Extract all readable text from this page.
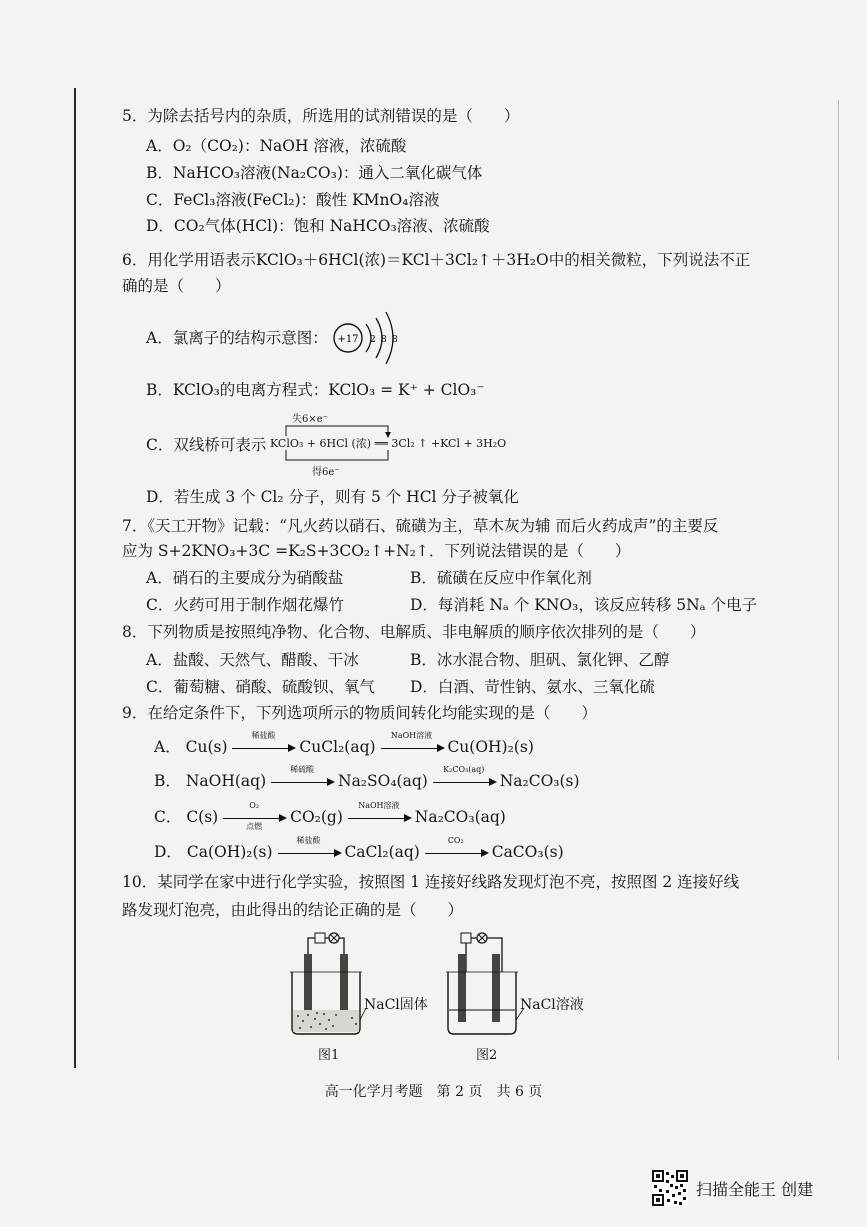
5．为除去括号内的杂质，所选用的试剂错误的是（　　）
A．O₂（CO₂)：NaOH 溶液，浓硫酸
B．NaHCO₃溶液(Na₂CO₃)：通入二氧化碳气体
C．FeCl₃溶液(FeCl₂)：酸性 KMnO₄溶液
D．CO₂气体(HCl)：饱和 NaHCO₃溶液、浓硫酸
6．用化学用语表示KClO₃＋6HCl(浓)＝KCl＋3Cl₂↑＋3H₂O中的相关微粒，下列说法不正
确的是（　　）
A．氯离子的结构示意图： +17 2 8 8
B．KClO₃的电离方程式：KClO₃ = K⁺ + ClO₃⁻
C．双线桥可表示
失6×e⁻
KClO₃ + 6HCl (浓) ══ 3Cl₂ ↑ +KCl + 3H₂O
得6e⁻
D．若生成 3 个 Cl₂ 分子，则有 5 个 HCl 分子被氧化
7．《天工开物》记载：“凡火药以硝石、硫磺为主，草木灰为辅 而后火药成声”的主要反
应为 S+2KNO₃+3C =K₂S+3CO₂↑+N₂↑．下列说法错误的是（　　）
A．硝石的主要成分为硝酸盐	B．硫磺在反应中作氧化剂
C．火药可用于制作烟花爆竹	D．每消耗 Nₐ 个 KNO₃，该反应转移 5Nₐ 个电子
8．下列物质是按照纯净物、化合物、电解质、非电解质的顺序依次排列的是（　　）
A．盐酸、天然气、醋酸、干冰	B．冰水混合物、胆矾、氯化钾、乙醇
C．葡萄糖、硝酸、硫酸钡、氧气 D．白酒、苛性钠、氨水、三氧化硫
9．在给定条件下，下列选项所示的物质间转化均能实现的是（　　）
A． Cu(s)
稀盐酸
CuCl₂(aq)
NaOH溶液
Cu(OH)₂(s)
B． NaOH(aq)
稀硫酸
Na₂SO₄(aq)
K₂CO₃(aq)
Na₂CO₃(s)
C． C(s)
O₂
点燃
CO₂(g)
NaOH溶液
Na₂CO₃(aq)
D． Ca(OH)₂(s)
稀盐酸
CaCl₂(aq)
CO₂
CaCO₃(s)
10．某同学在家中进行化学实验，按照图 1 连接好线路发现灯泡不亮，按照图 2 连接好线
路发现灯泡亮，由此得出的结论正确的是（　　）
NaCl固体
图1
NaCl溶液
图2
高一化学月考题　第 2 页　共 6 页
扫描全能王 创建
